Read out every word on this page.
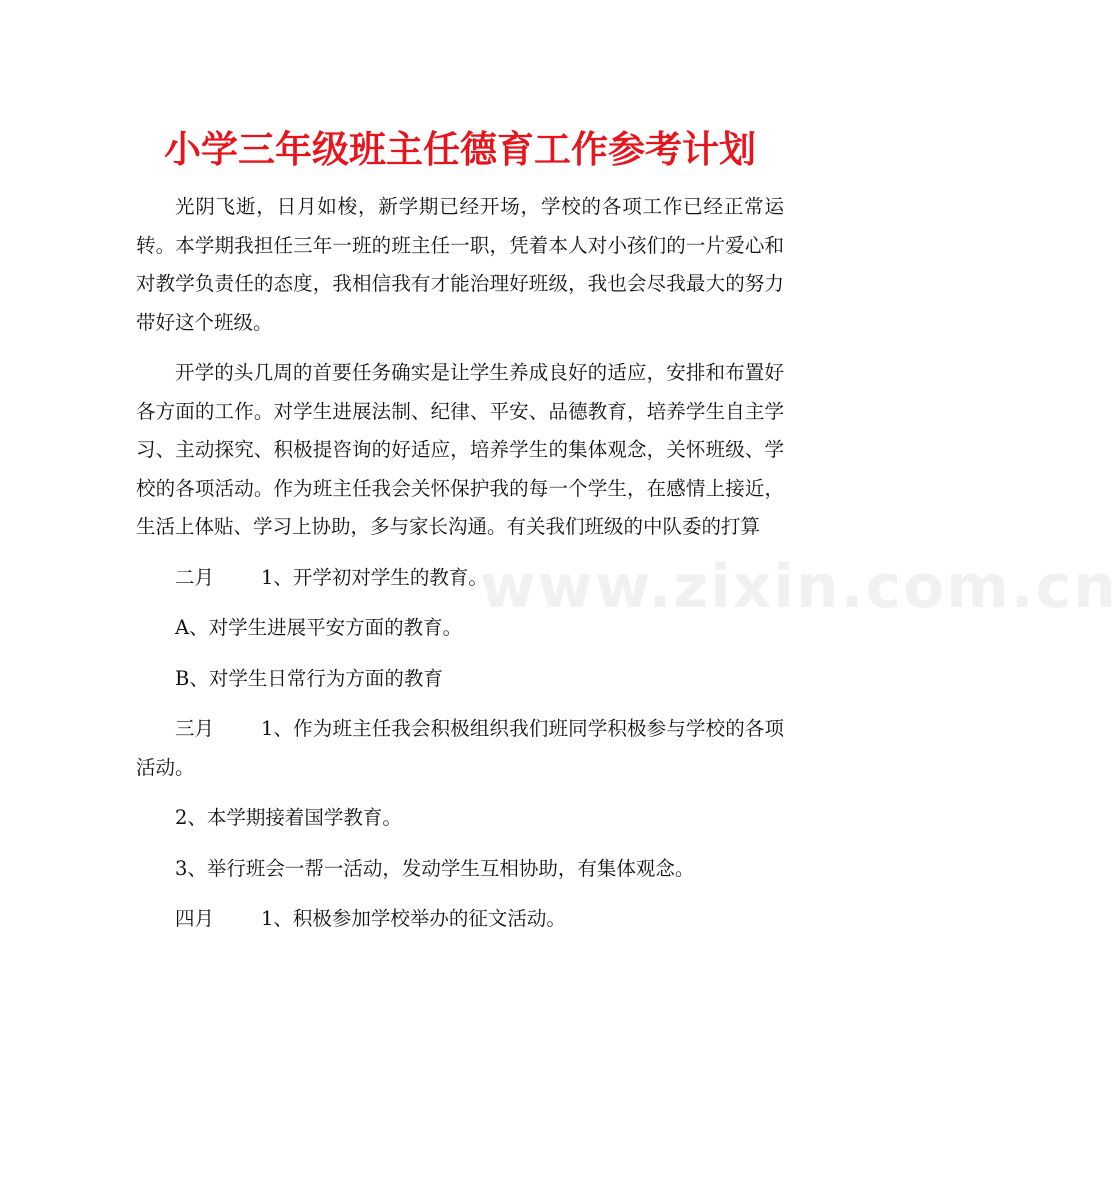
www.zixin.com.cn
小学三年级班主任德育工作参考计划

光阴飞逝，日月如梭，新学期已经开场，学校的各项工作已经正常运转。本学期我担任三年一班的班主任一职，凭着本人对小孩们的一片爱心和对教学负责任的态度，我相信我有才能治理好班级，我也会尽我最大的努力带好这个班级。

开学的头几周的首要任务确实是让学生养成良好的适应，安排和布置好各方面的工作。对学生进展法制、纪律、平安、品德教育，培养学生自主学习、主动探究、积极提咨询的好适应，培养学生的集体观念，关怀班级、学校的各项活动。作为班主任我会关怀保护我的每一个学生，在感情上接近，生活上体贴、学习上协助，多与家长沟通。有关我们班级的中队委的打算

二月 1、开学初对学生的教育。

A、对学生进展平安方面的教育。

B、对学生日常行为方面的教育

三月 1、作为班主任我会积极组织我们班同学积极参与学校的各项活动。

2、本学期接着国学教育。

3、举行班会一帮一活动，发动学生互相协助，有集体观念。

四月 1、积极参加学校举办的征文活动。
